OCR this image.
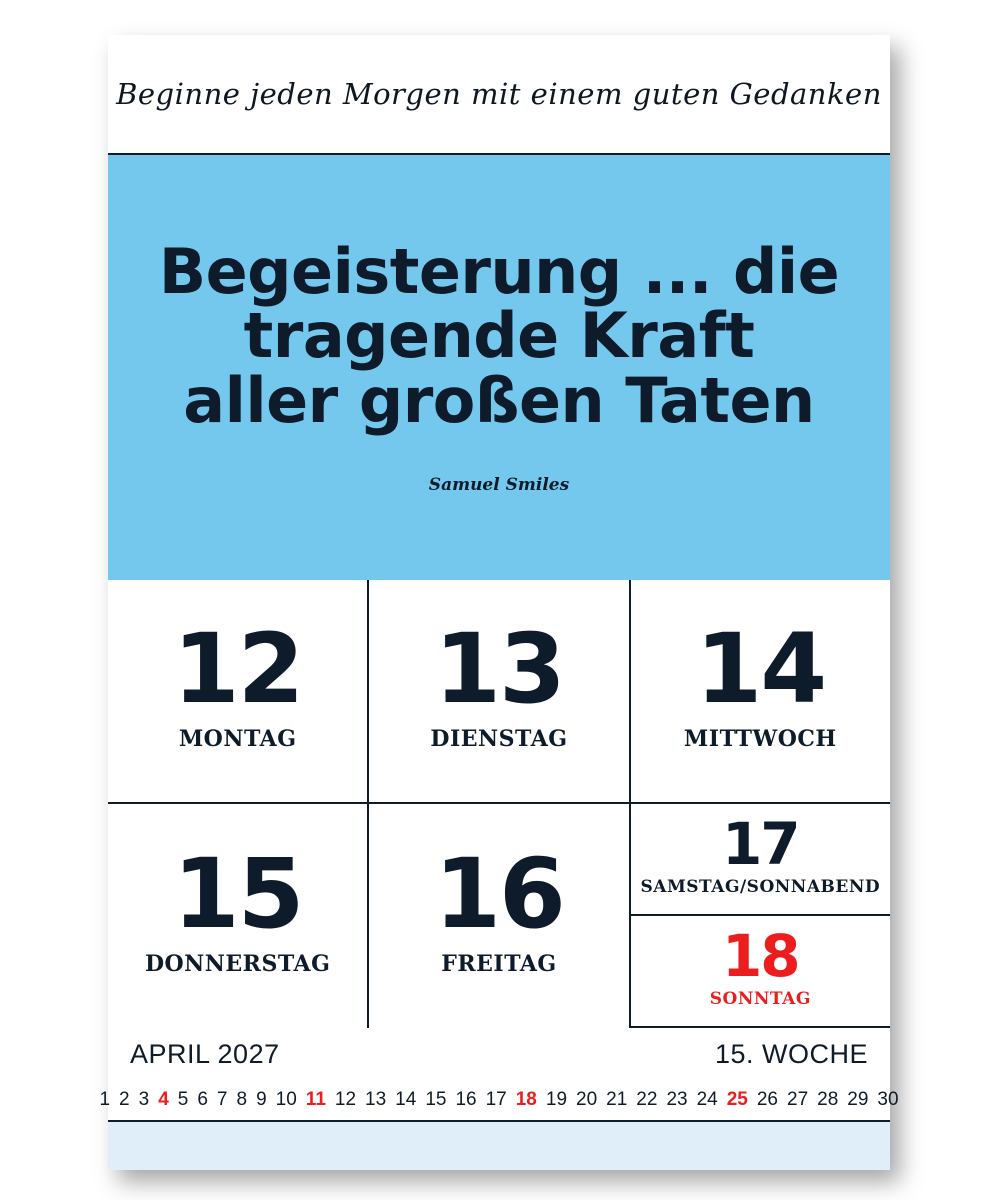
Beginne jeden Morgen mit einem guten Gedanken
Begeisterung ... die
tragende Kraft
aller großen Taten
Samuel Smiles
12
MONTAG
13
DIENSTAG
14
MITTWOCH
15
DONNERSTAG
16
FREITAG
17
SAMSTAG/SONNABEND
18
SONNTAG
APRIL 2027	15. WOCHE
1 2 3 4 5 6 7 8 9 10 11 12 13 14 15 16 17 18 19 20 21 22 23 24 25 26 27 28 29 30
